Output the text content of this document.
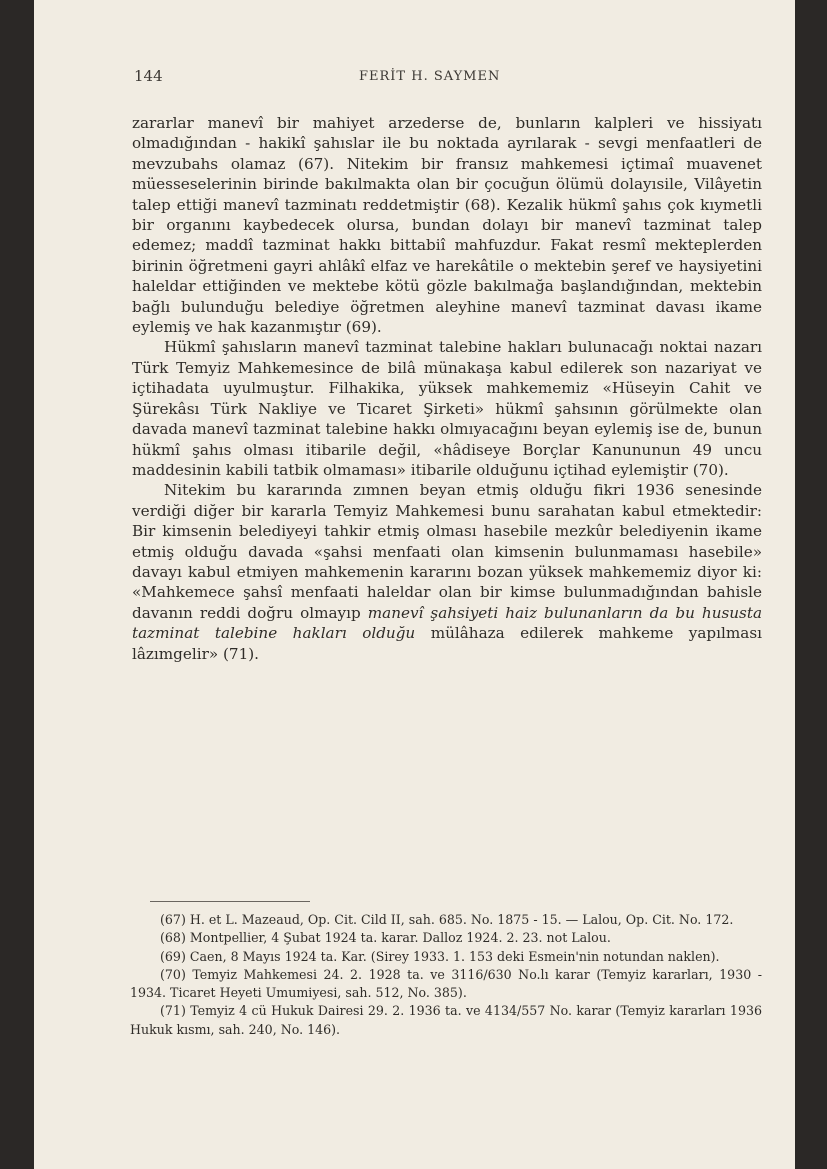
144	FERİT H. SAYMEN

zararlar manevî bir mahiyet arzederse de, bunların kalpleri ve hissiyatı olmadığından - hakikî şahıslar ile bu noktada ayrılarak - sevgi menfaatleri de mevzubahs olamaz (67). Nitekim bir fransız mahkemesi içtimaî muavenet müesseselerinin birinde bakılmakta olan bir çocuğun ölümü dolayısile, Vilâyetin talep ettiği manevî tazminatı reddetmiştir (68). Kezalik hükmî şahıs çok kıymetli bir organını kaybedecek olursa, bundan dolayı bir manevî tazminat talep edemez; maddî tazminat hakkı bittabiî mahfuzdur. Fakat resmî mekteplerden birinin öğretmeni gayri ahlâkî elfaz ve harekâtile o mektebin şeref ve haysiyetini haleldar ettiğinden ve mektebe kötü gözle bakılmağa başlandığından, mektebin bağlı bulunduğu belediye öğretmen aleyhine manevî tazminat davası ikame eylemiş ve hak kazanmıştır (69).

Hükmî şahısların manevî tazminat talebine hakları bulunacağı noktai nazarı Türk Temyiz Mahkemesince de bilâ münakaşa kabul edilerek son nazariyat ve içtihadata uyulmuştur. Filhakika, yüksek mahkememiz «Hüseyin Cahit ve Şürekâsı Türk Nakliye ve Ticaret Şirketi» hükmî şahsının görülmekte olan davada manevî tazminat talebine hakkı olmıyacağını beyan eylemiş ise de, bunun hükmî şahıs olması itibarile değil, «hâdiseye Borçlar Kanununun 49 uncu maddesinin kabili tatbik olmaması» itibarile olduğunu içtihad eylemiştir (70).

Nitekim bu kararında zımnen beyan etmiş olduğu fikri 1936 senesinde verdiği diğer bir kararla Temyiz Mahkemesi bunu sarahatan kabul etmektedir: Bir kimsenin belediyeyi tahkir etmiş olması hasebile mezkûr belediyenin ikame etmiş olduğu davada «şahsi menfaati olan kimsenin bulunmaması hasebile» davayı kabul etmiyen mahkemenin kararını bozan yüksek mahkememiz diyor ki: «Mahkemece şahsî menfaati haleldar olan bir kimse bulunmadığından bahisle davanın reddi doğru olmayıp manevî şahsiyeti haiz bulunanların da bu hususta tazminat talebine hakları olduğu mülâhaza edilerek mahkeme yapılması lâzımgelir» (71).

(67) H. et L. Mazeaud, Op. Cit. Cild II, sah. 685. No. 1875 - 15. — Lalou, Op. Cit. No. 172.

(68) Montpellier, 4 Şubat 1924 ta. karar. Dalloz 1924. 2. 23. not Lalou.

(69) Caen, 8 Mayıs 1924 ta. Kar. (Sirey 1933. 1. 153 deki Esmein'nin notundan naklen).

(70) Temyiz Mahkemesi 24. 2. 1928 ta. ve 3116/630 No.lı karar (Temyiz kararları, 1930 - 1934. Ticaret Heyeti Umumiyesi, sah. 512, No. 385).

(71) Temyiz 4 cü Hukuk Dairesi 29. 2. 1936 ta. ve 4134/557 No. karar (Temyiz kararları 1936 Hukuk kısmı, sah. 240, No. 146).
